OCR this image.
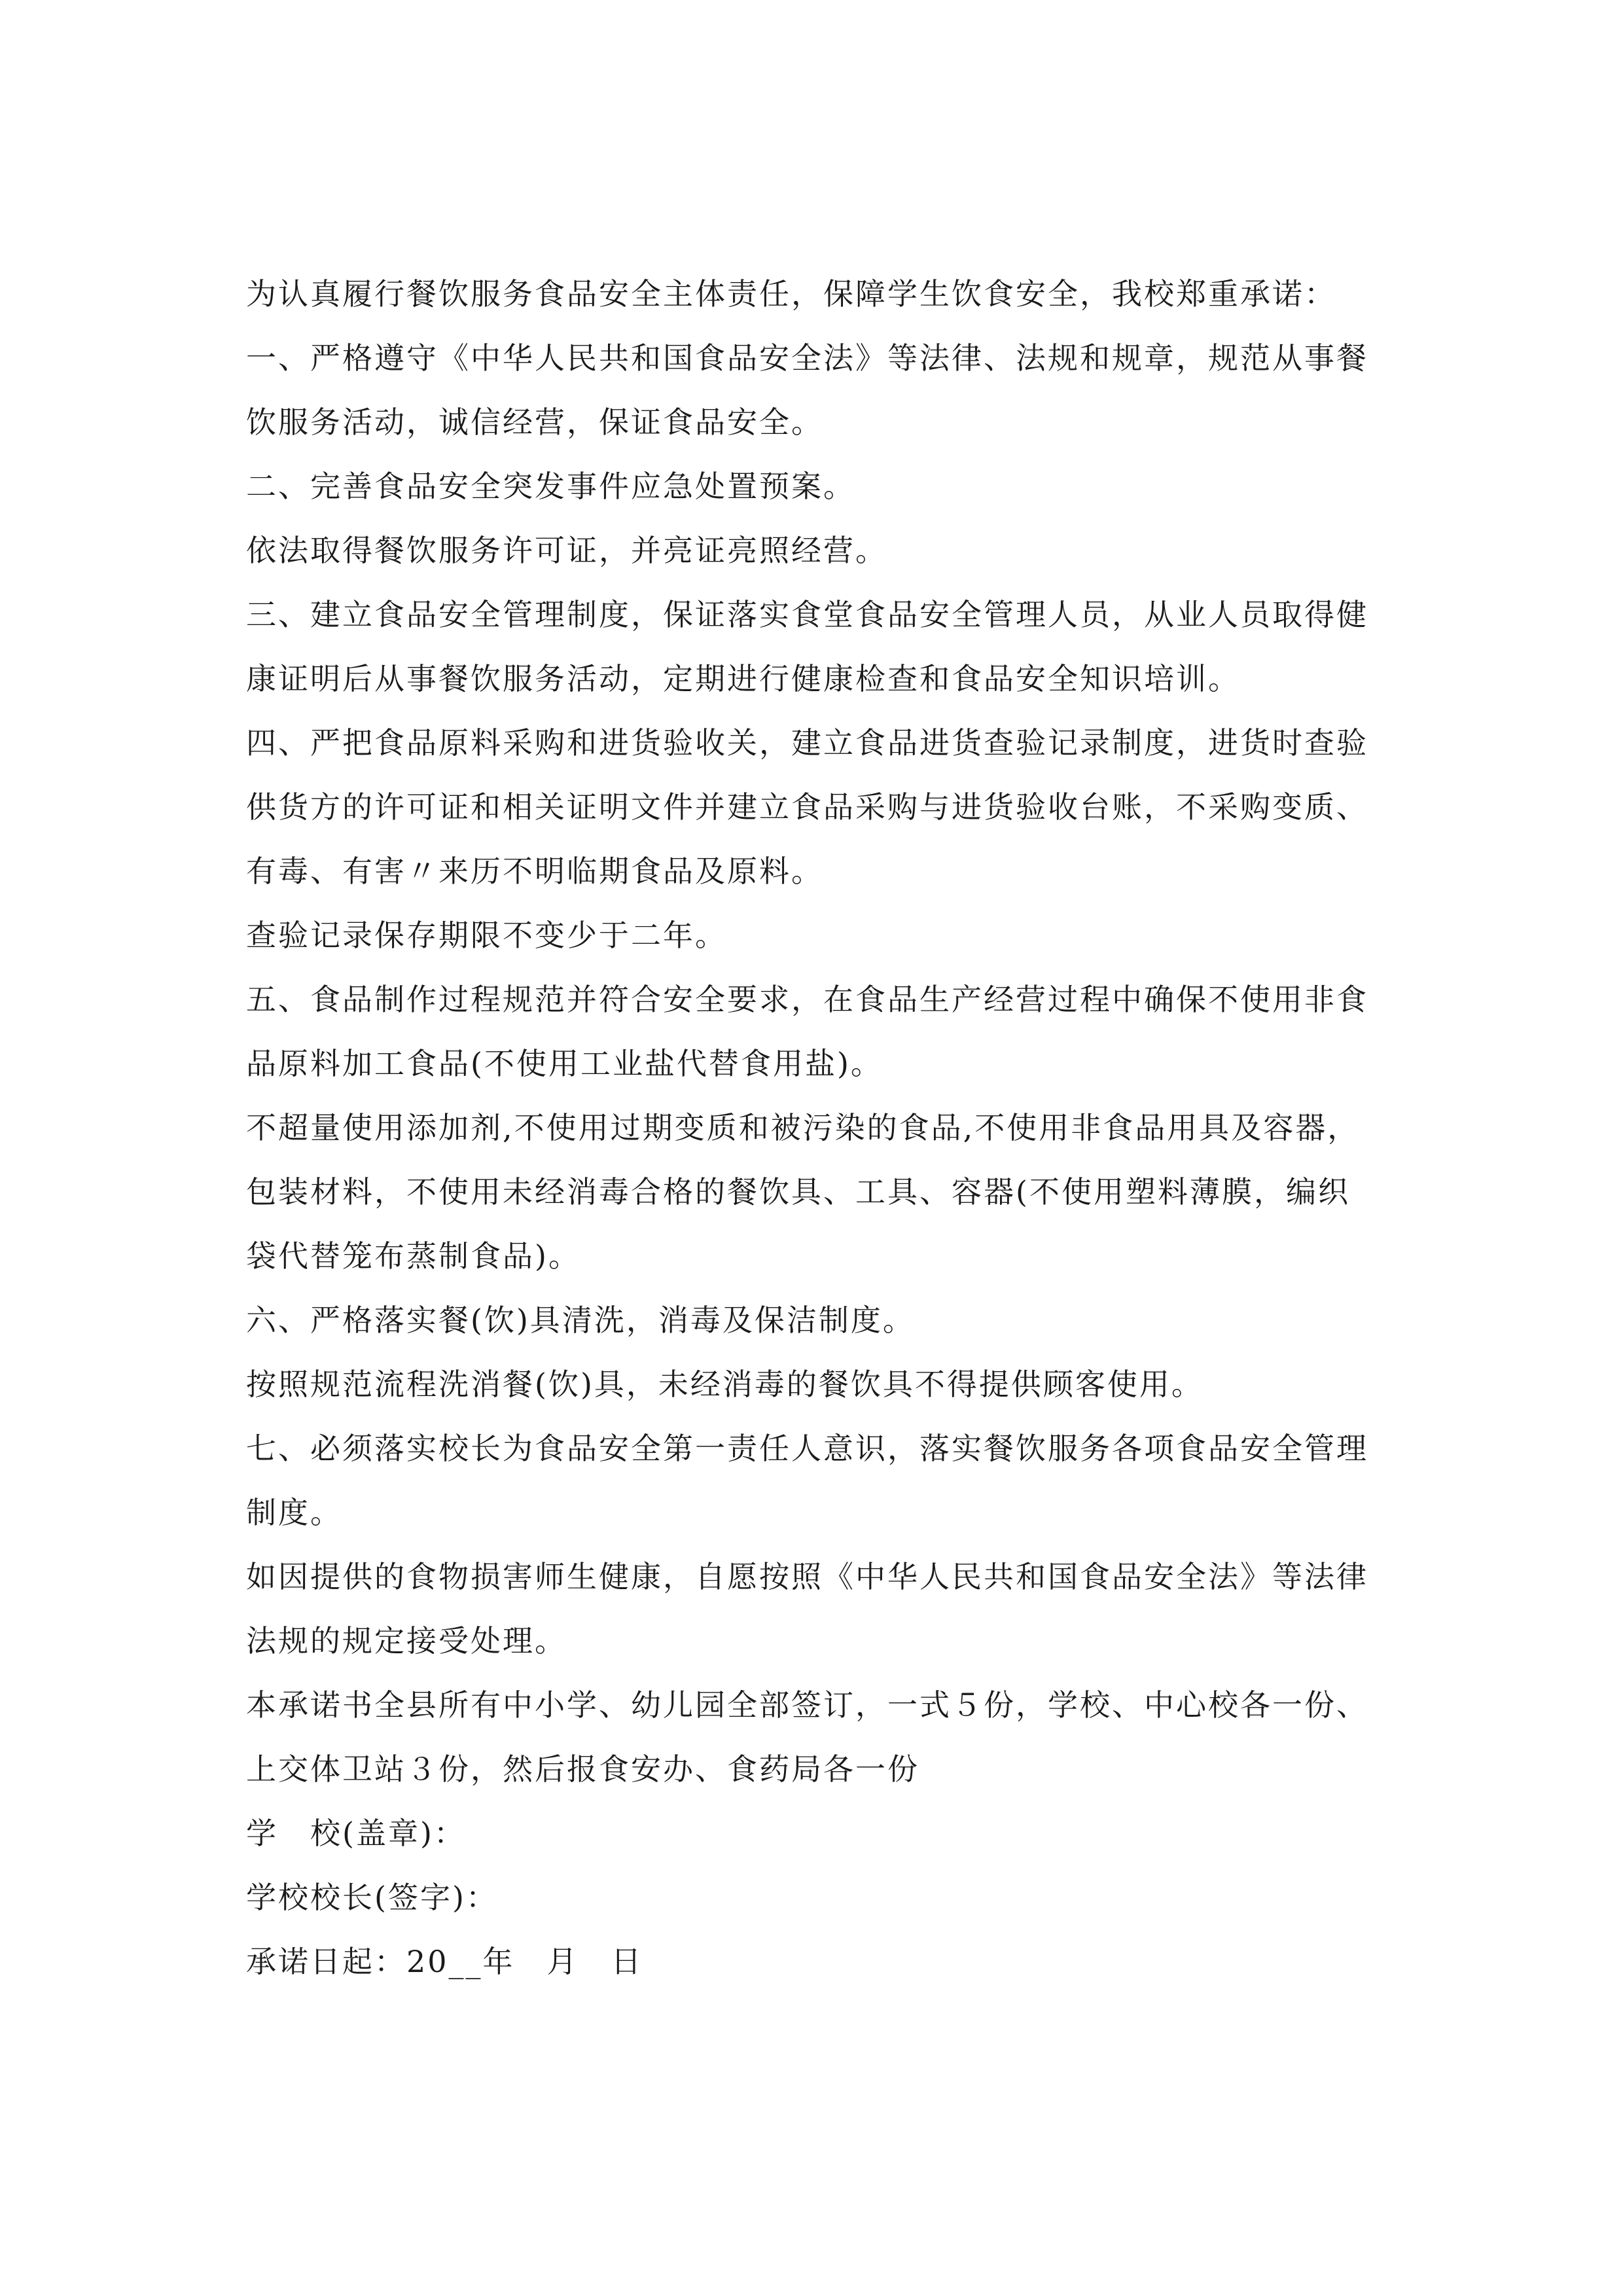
为认真履行餐饮服务食品安全主体责任，保障学生饮食安全，我校郑重承诺：
一、严格遵守《中华人民共和国食品安全法》等法律、法规和规章，规范从事餐
饮服务活动，诚信经营，保证食品安全。
二、完善食品安全突发事件应急处置预案。
依法取得餐饮服务许可证，并亮证亮照经营。
三、建立食品安全管理制度，保证落实食堂食品安全管理人员，从业人员取得健
康证明后从事餐饮服务活动，定期进行健康检查和食品安全知识培训。
四、严把食品原料采购和进货验收关，建立食品进货查验记录制度，进货时查验
供货方的许可证和相关证明文件并建立食品采购与进货验收台账，不采购变质、
有毒、有害〃来历不明临期食品及原料。
查验记录保存期限不变少于二年。
五、食品制作过程规范并符合安全要求，在食品生产经营过程中确保不使用非食
品原料加工食品(不使用工业盐代替食用盐)。
不超量使用添加剂,不使用过期变质和被污染的食品,不使用非食品用具及容器，
包装材料，不使用未经消毒合格的餐饮具、工具、容器(不使用塑料薄膜，编织
袋代替笼布蒸制食品)。
六、严格落实餐(饮)具清洗，消毒及保洁制度。
按照规范流程洗消餐(饮)具，未经消毒的餐饮具不得提供顾客使用。
七、必须落实校长为食品安全第一责任人意识，落实餐饮服务各项食品安全管理
制度。
如因提供的食物损害师生健康，自愿按照《中华人民共和国食品安全法》等法律
法规的规定接受处理。
本承诺书全县所有中小学、幼儿园全部签订，一式５份，学校、中心校各一份、
上交体卫站３份，然后报食安办、食药局各一份
学　校(盖章)：
学校校长(签字)：
承诺日起：20__年　月　日
